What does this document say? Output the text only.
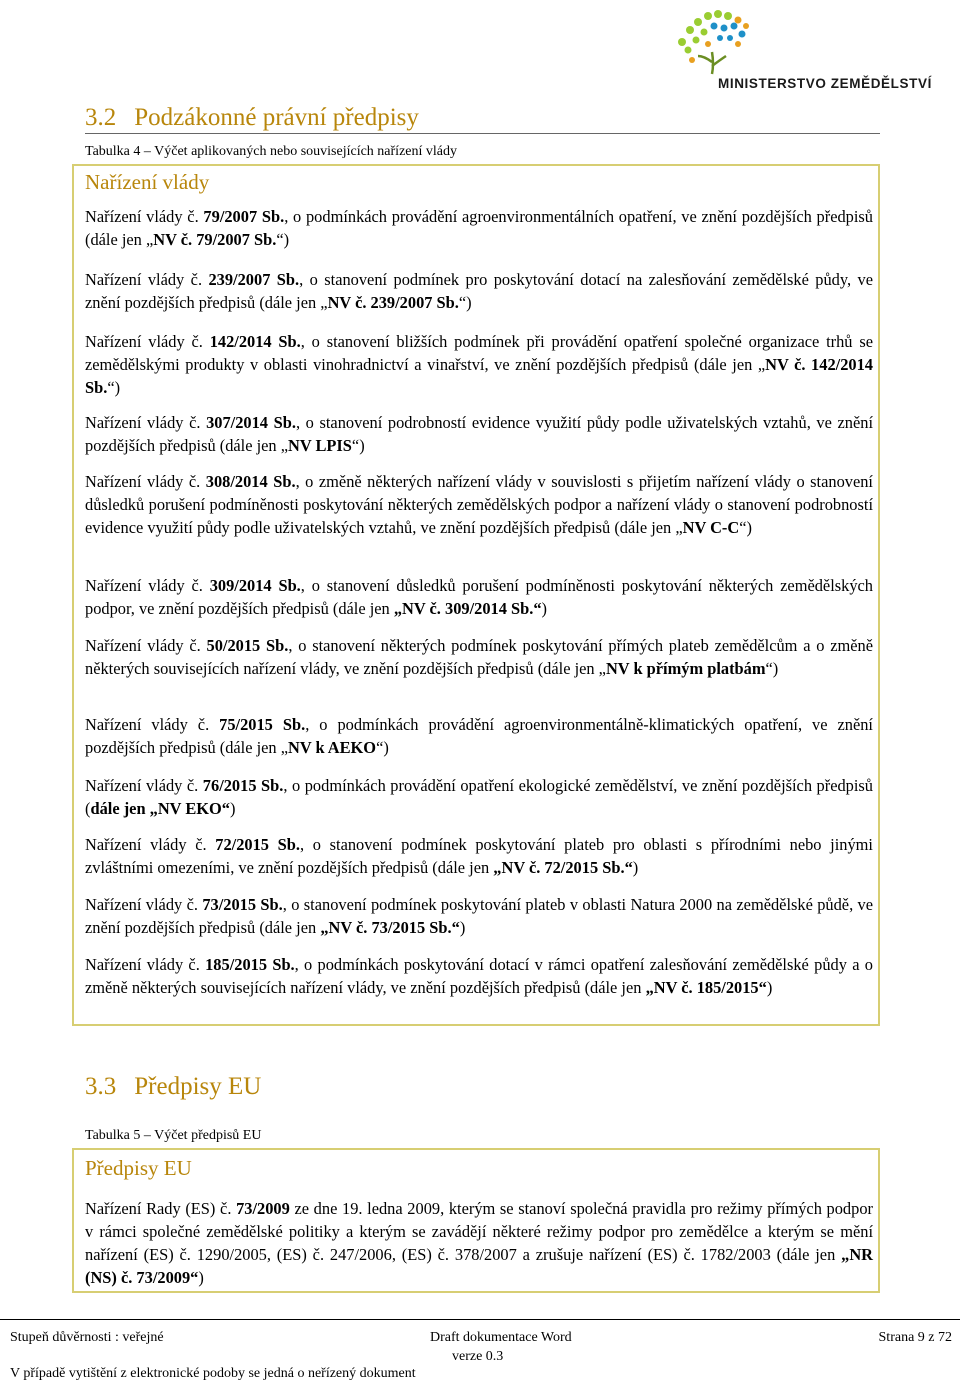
MINISTERSTVO ZEMĚDĚLSTVÍ
3.2 Podzákonné právní předpisy
Tabulka 4 – Výčet aplikovaných nebo souvisejících nařízení vlády
Nařízení vlády
Nařízení vlády č. 79/2007 Sb., o podmínkách provádění agroenvironmentálních opatření, ve znění pozdějších předpisů (dále jen „NV č. 79/2007 Sb.“)
Nařízení vlády č. 239/2007 Sb., o stanovení podmínek pro poskytování dotací na zalesňování zemědělské půdy, ve znění pozdějších předpisů (dále jen „NV č. 239/2007 Sb.“)
Nařízení vlády č. 142/2014 Sb., o stanovení bližších podmínek při provádění opatření společné organizace trhů se zemědělskými produkty v oblasti vinohradnictví a vinařství, ve znění pozdějších předpisů (dále jen „NV č. 142/2014 Sb.“)
Nařízení vlády č. 307/2014 Sb., o stanovení podrobností evidence využití půdy podle uživatelských vztahů, ve znění pozdějších předpisů (dále jen „NV LPIS“)
Nařízení vlády č. 308/2014 Sb., o změně některých nařízení vlády v souvislosti s přijetím nařízení vlády o stanovení důsledků porušení podmíněnosti poskytování některých zemědělských podpor a nařízení vlády o stanovení podrobností evidence využití půdy podle uživatelských vztahů, ve znění pozdějších předpisů (dále jen „NV C-C“)
Nařízení vlády č. 309/2014 Sb., o stanovení důsledků porušení podmíněnosti poskytování některých zemědělských podpor, ve znění pozdějších předpisů (dále jen „NV č. 309/2014 Sb.“)
Nařízení vlády č. 50/2015 Sb., o stanovení některých podmínek poskytování přímých plateb zemědělcům a o změně některých souvisejících nařízení vlády, ve znění pozdějších předpisů (dále jen „NV k přímým platbám“)
Nařízení vlády č. 75/2015 Sb., o podmínkách provádění agroenvironmentálně-klimatických opatření, ve znění pozdějších předpisů (dále jen „NV k AEKO“)
Nařízení vlády č. 76/2015 Sb., o podmínkách provádění opatření ekologické zemědělství, ve znění pozdějších předpisů (dále jen „NV EKO“)
Nařízení vlády č. 72/2015 Sb., o stanovení podmínek poskytování plateb pro oblasti s přírodními nebo jinými zvláštními omezeními, ve znění pozdějších předpisů (dále jen „NV č. 72/2015 Sb.“)
Nařízení vlády č. 73/2015 Sb., o stanovení podmínek poskytování plateb v oblasti Natura 2000 na zemědělské půdě, ve znění pozdějších předpisů (dále jen „NV č. 73/2015 Sb.“)
Nařízení vlády č. 185/2015 Sb., o podmínkách poskytování dotací v rámci opatření zalesňování zemědělské půdy a o změně některých souvisejících nařízení vlády, ve znění pozdějších předpisů (dále jen „NV č. 185/2015“)
3.3 Předpisy EU
Tabulka 5 – Výčet předpisů EU
Předpisy EU
Nařízení Rady (ES) č. 73/2009 ze dne 19. ledna 2009, kterým se stanoví společná pravidla pro režimy přímých podpor v rámci společné zemědělské politiky a kterým se zavádějí některé režimy podpor pro zemědělce a kterým se mění nařízení (ES) č. 1290/2005, (ES) č. 247/2006, (ES) č. 378/2007 a zrušuje nařízení (ES) č. 1782/2003 (dále jen „NR (NS) č. 73/2009“)
Stupeň důvěrnosti : veřejné	Draft dokumentace Word	Strana 9 z 72
verze 0.3
V případě vytištění z elektronické podoby se jedná o neřízený dokument
